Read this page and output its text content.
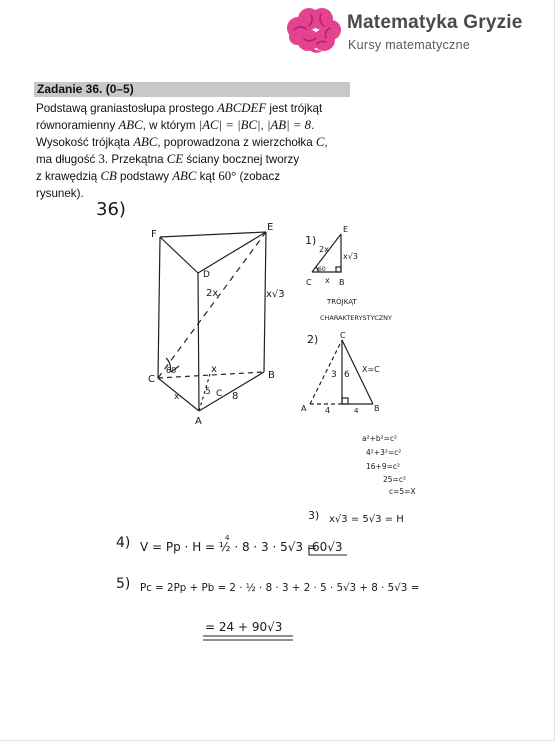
Matematyka Gryzie
Kursy matematyczne
Zadanie 36. (0–5)
Podstawą graniastosłupa prostego ABCDEF jest trójkąt
równoramienny ABC, w którym |AC| = |BC|, |AB| = 8.
Wysokość trójkąta ABC, poprowadzona z wierzchołka C,
ma długość 3. Przekątna CE ściany bocznej tworzy
z krawędzią CB podstawy ABC kąt 60° (zobacz
rysunek).
36)
F
E
D
2x	x√3
C
60	x
B
x	5 C 8
A
1)
2x
E
x√3
60
C x B
TRÓJKĄT
CHARAKTERYSTYCZNY
2)	C
3 6
X=C
A 4	4 B
a²+b²=c²
4²+3²=c²
16+9=c²
25=c²
c=5=X
3) x√3 = 5√3 = H
4) V = Pp · H = ½ · 8 · 3 · 5√3 =
4
60√3
5) Pc = 2Pp + Pb = 2 · ½ · 8 · 3 + 2 · 5 · 5√3 + 8 · 5√3 =
= 24 + 90√3
